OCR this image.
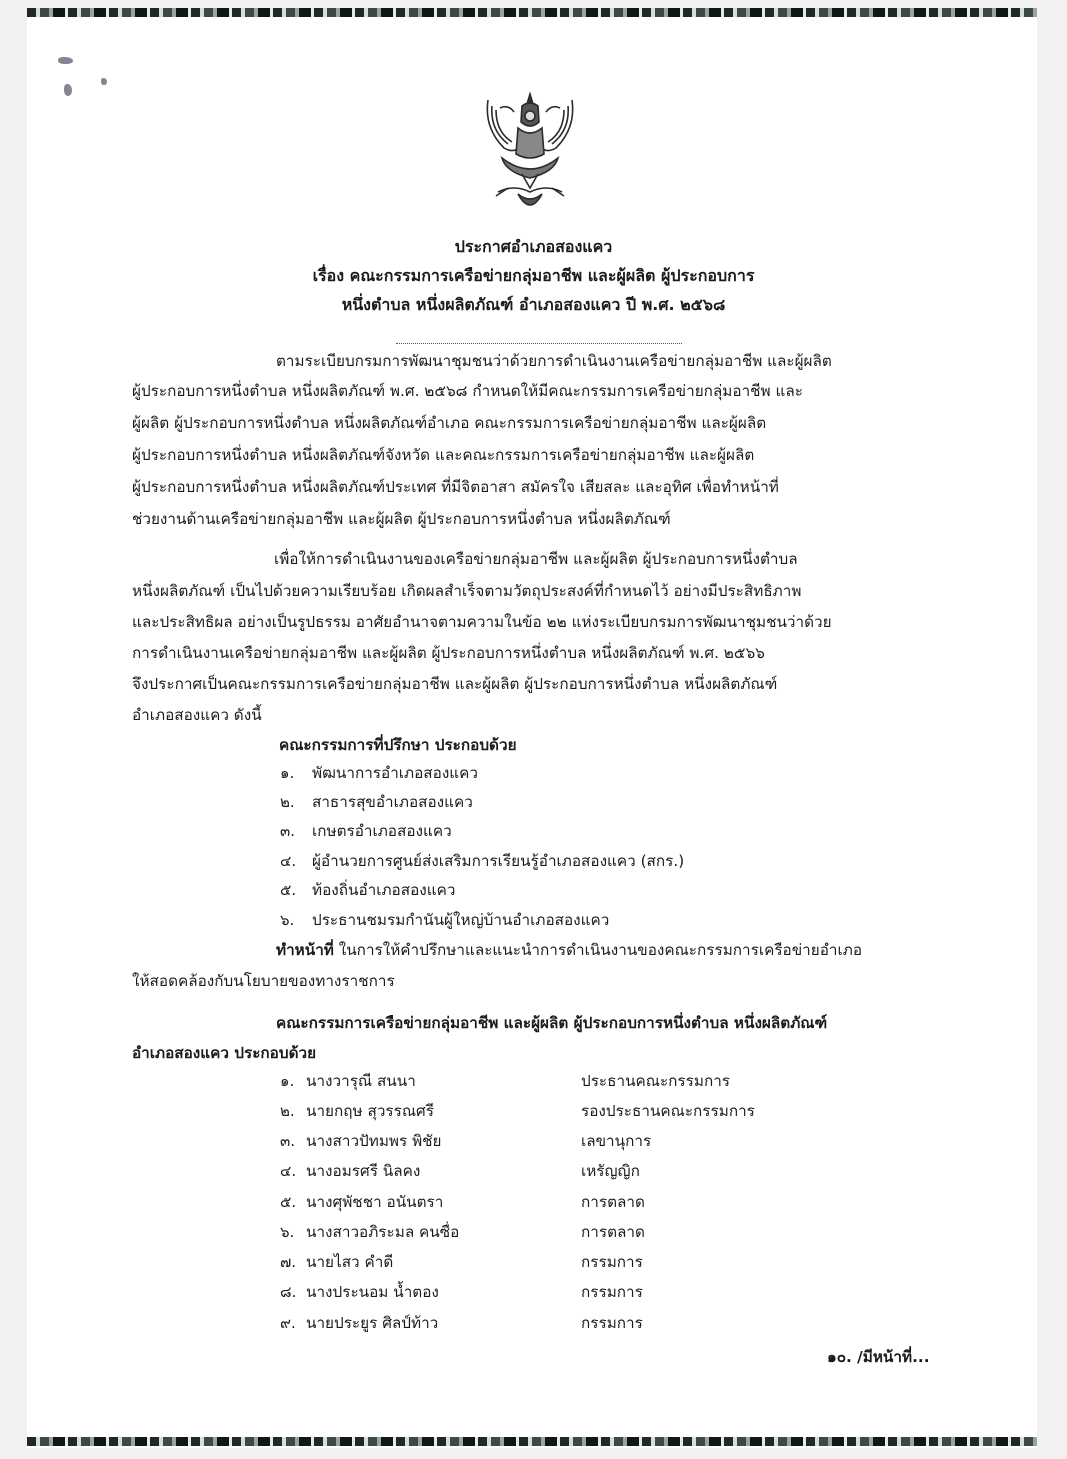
ประกาศอำเภอสองแคว
เรื่อง คณะกรรมการเครือข่ายกลุ่มอาชีพ และผู้ผลิต ผู้ประกอบการ
หนึ่งตำบล หนึ่งผลิตภัณฑ์ อำเภอสองแคว ปี พ.ศ. ๒๕๖๘
ตามระเบียบกรมการพัฒนาชุมชนว่าด้วยการดำเนินงานเครือข่ายกลุ่มอาชีพ และผู้ผลิต
ผู้ประกอบการหนึ่งตำบล หนึ่งผลิตภัณฑ์ พ.ศ. ๒๕๖๘ กำหนดให้มีคณะกรรมการเครือข่ายกลุ่มอาชีพ และ
ผู้ผลิต ผู้ประกอบการหนึ่งตำบล หนึ่งผลิตภัณฑ์อำเภอ คณะกรรมการเครือข่ายกลุ่มอาชีพ และผู้ผลิต
ผู้ประกอบการหนึ่งตำบล หนึ่งผลิตภัณฑ์จังหวัด และคณะกรรมการเครือข่ายกลุ่มอาชีพ และผู้ผลิต
ผู้ประกอบการหนึ่งตำบล หนึ่งผลิตภัณฑ์ประเทศ ที่มีจิตอาสา สมัครใจ เสียสละ และอุทิศ เพื่อทำหน้าที่
ช่วยงานด้านเครือข่ายกลุ่มอาชีพ และผู้ผลิต ผู้ประกอบการหนึ่งตำบล หนึ่งผลิตภัณฑ์
เพื่อให้การดำเนินงานของเครือข่ายกลุ่มอาชีพ และผู้ผลิต ผู้ประกอบการหนึ่งตำบล
หนึ่งผลิตภัณฑ์ เป็นไปด้วยความเรียบร้อย เกิดผลสำเร็จตามวัตถุประสงค์ที่กำหนดไว้ อย่างมีประสิทธิภาพ
และประสิทธิผล อย่างเป็นรูปธรรม อาศัยอำนาจตามความในข้อ ๒๒ แห่งระเบียบกรมการพัฒนาชุมชนว่าด้วย
การดำเนินงานเครือข่ายกลุ่มอาชีพ และผู้ผลิต ผู้ประกอบการหนึ่งตำบล หนึ่งผลิตภัณฑ์ พ.ศ. ๒๕๖๖
จึงประกาศเป็นคณะกรรมการเครือข่ายกลุ่มอาชีพ และผู้ผลิต ผู้ประกอบการหนึ่งตำบล หนึ่งผลิตภัณฑ์
อำเภอสองแคว ดังนี้
คณะกรรมการที่ปรึกษา ประกอบด้วย
๑. พัฒนาการอำเภอสองแคว
๒. สาธารสุขอำเภอสองแคว
๓. เกษตรอำเภอสองแคว
๔. ผู้อำนวยการศูนย์ส่งเสริมการเรียนรู้อำเภอสองแคว (สกร.)
๕. ท้องถิ่นอำเภอสองแคว
๖. ประธานชมรมกำนันผู้ใหญ่บ้านอำเภอสองแคว
ทำหน้าที่ ในการให้คำปรึกษาและแนะนำการดำเนินงานของคณะกรรมการเครือข่ายอำเภอ
ให้สอดคล้องกับนโยบายของทางราชการ
คณะกรรมการเครือข่ายกลุ่มอาชีพ และผู้ผลิต ผู้ประกอบการหนึ่งตำบล หนึ่งผลิตภัณฑ์
อำเภอสองแคว ประกอบด้วย
๑. นางวารุณี สนนา	ประธานคณะกรรมการ
๒. นายกฤษ สุวรรณศรี	รองประธานคณะกรรมการ
๓. นางสาวปัทมพร พิชัย	เลขานุการ
๔. นางอมรศรี นิลคง	เหรัญญิก
๕. นางศุพัชชา อนันตรา	การตลาด
๖. นางสาวอภิระมล คนซื่อ	การตลาด
๗. นายไสว คำดี	กรรมการ
๘. นางประนอม น้ำตอง	กรรมการ
๙. นายประยูร ศิลป์ท้าว	กรรมการ
๑๐. /มีหน้าที่...
